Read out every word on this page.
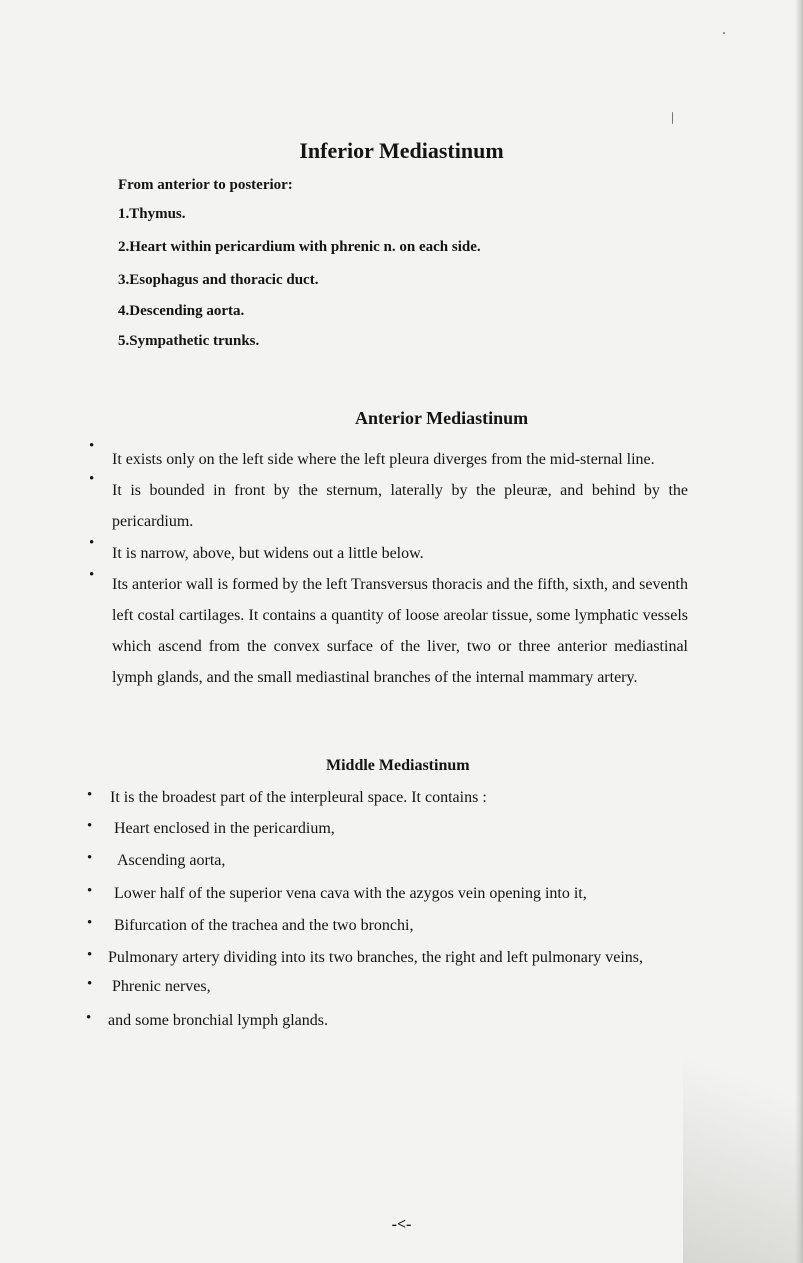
Inferior Mediastinum

From anterior to posterior:

1.Thymus.

2.Heart within pericardium with phrenic n. on each side.

3.Esophagus and thoracic duct.

4.Descending aorta.

5.Sympathetic trunks.

Anterior Mediastinum
•

It exists only on the left side where the left pleura diverges from the mid-sternal line.

•

It is bounded in front by the sternum, laterally by the pleuræ, and behind by the pericardium.

•

It is narrow, above, but widens out a little below.

•

Its anterior wall is formed by the left Transversus thoracis and the fifth, sixth, and seventh left costal cartilages. It contains a quantity of loose areolar tissue, some lymphatic vessels which ascend from the convex surface of the liver, two or three anterior mediastinal lymph glands, and the small mediastinal branches of the internal mammary artery.

Middle Mediastinum
• It is the broadest part of the interpleural space. It contains :

• Heart enclosed in the pericardium,

• Ascending aorta,

• Lower half of the superior vena cava with the azygos vein opening into it,

• Bifurcation of the trachea and the two bronchi,

• Pulmonary artery dividing into its two branches, the right and left pulmonary veins,

• Phrenic nerves,

• and some bronchial lymph glands.

-<-
